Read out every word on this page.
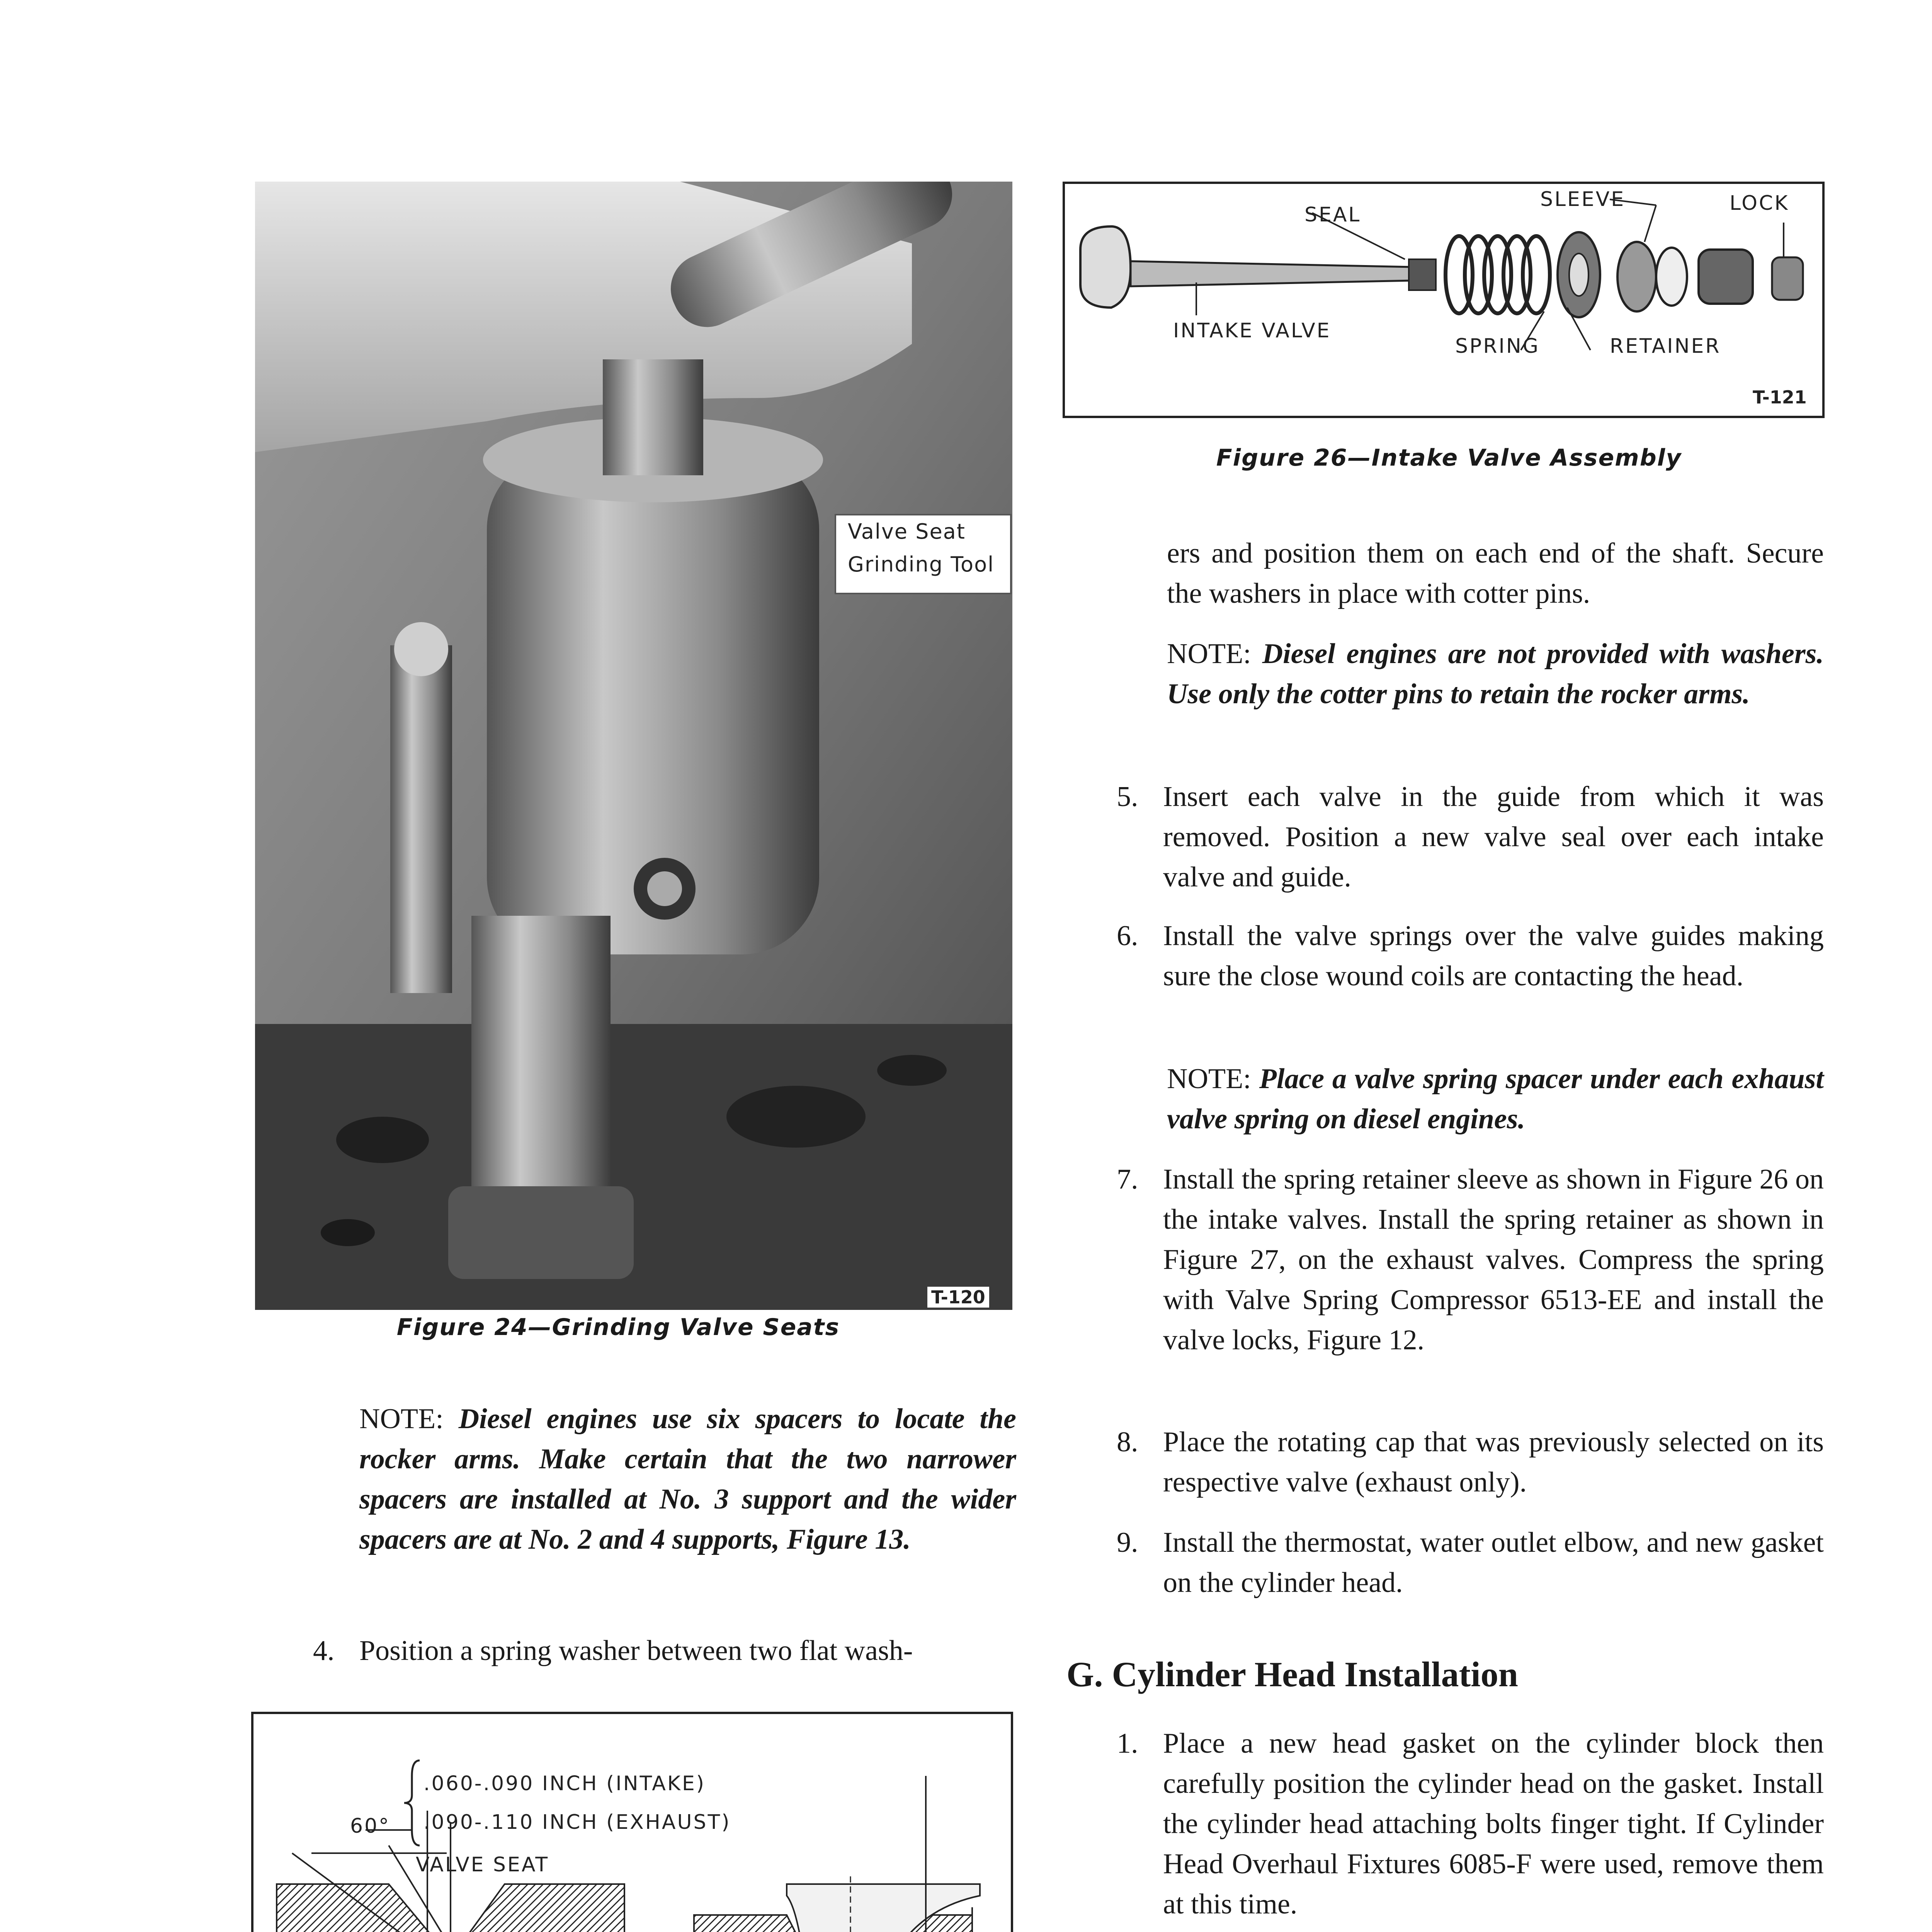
Valve Seat
Grinding Tool
T-120
Figure 24—Grinding Valve Seats
NOTE: Diesel engines use six spacers to locate the rocker arms. Make certain that the two narrower spacers are installed at No. 3 support and the wider spacers are at No. 2 and 4 supports, Figure 13.
4. Position a spring washer between two flat wash-
.060-.090 INCH (INTAKE)
.090-.110 INCH (EXHAUST)
60°
VALVE SEAT
SEAL
SLEEVE	LOCK
INTAKE VALVE
SPRING	RETAINER
T-121
Figure 26—Intake Valve Assembly
ers and position them on each end of the shaft. Secure the washers in place with cotter pins.
NOTE: Diesel engines are not provided with washers. Use only the cotter pins to retain the rocker arms.
5. Insert each valve in the guide from which it was removed. Position a new valve seal over each intake valve and guide.
6. Install the valve springs over the valve guides making sure the close wound coils are contacting the head.
NOTE: Place a valve spring spacer under each exhaust valve spring on diesel engines.
7. Install the spring retainer sleeve as shown in Figure 26 on the intake valves. Install the spring retainer as shown in Figure 27, on the exhaust valves. Compress the spring with Valve Spring Compressor 6513-EE and install the valve locks, Figure 12.
8. Place the rotating cap that was previously selected on its respective valve (exhaust only).
9. Install the thermostat, water outlet elbow, and new gasket on the cylinder head.
G. Cylinder Head Installation
1. Place a new head gasket on the cylinder block then carefully position the cylinder head on the gasket. Install the cylinder head attaching bolts finger tight. If Cylinder Head Overhaul Fixtures 6085-F were used, remove them at this time.
